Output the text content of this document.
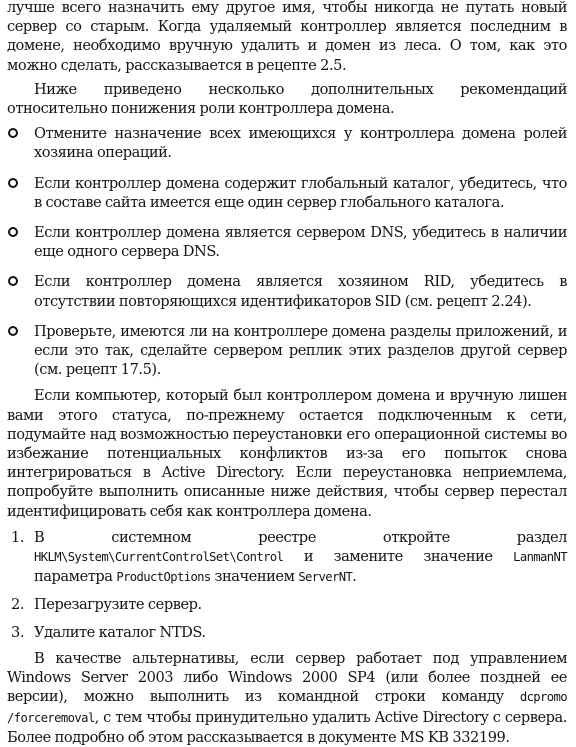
лучше всего назначить ему другое имя, чтобы никогда не путать новый сервер со старым. Когда удаляемый контроллер является последним в домене, необходимо вручную удалить и домен из леса. О том, как это можно сделать, рассказывается в рецепте 2.5.

Ниже приведено несколько дополнительных рекомендаций относительно понижения роли контроллера домена.

Отмените назначение всех имеющихся у контроллера домена ролей хозяина операций.
Если контроллер домена содержит глобальный каталог, убедитесь, что в составе сайта имеется еще один сервер глобального каталога.
Если контроллер домена является сервером DNS, убедитесь в наличии еще одного сервера DNS.
Если контроллер домена является хозяином RID, убедитесь в отсутствии повторяющихся идентификаторов SID (см. рецепт 2.24).
Проверьте, имеются ли на контроллере домена разделы приложений, и если это так, сделайте сервером реплик этих разделов другой сервер (см. рецепт 17.5).

Если компьютер, который был контроллером домена и вручную лишен вами этого статуса, по-прежнему остается подключенным к сети, подумайте над возможностью переустановки его операционной системы во избежание потенциальных конфликтов из-за его попыток снова интегрироваться в Active Directory. Если переустановка неприемлема, попробуйте выполнить описанные ниже действия, чтобы сервер перестал идентифицировать себя как контроллера домена.

1. В системном реестре откройте раздел HKLM\System\CurrentControlSet\Control и замените значение LanmanNT параметра ProductOptions значением ServerNT.
2. Перезагрузите сервер.
3. Удалите каталог NTDS.

В качестве альтернативы, если сервер работает под управлением Windows Server 2003 либо Windows 2000 SP4 (или более поздней ее версии), можно выполнить из командной строки команду dcpromo /forceremoval, с тем чтобы принудительно удалить Active Directory с сервера. Более подробно об этом рассказывается в документе MS KB 332199.
